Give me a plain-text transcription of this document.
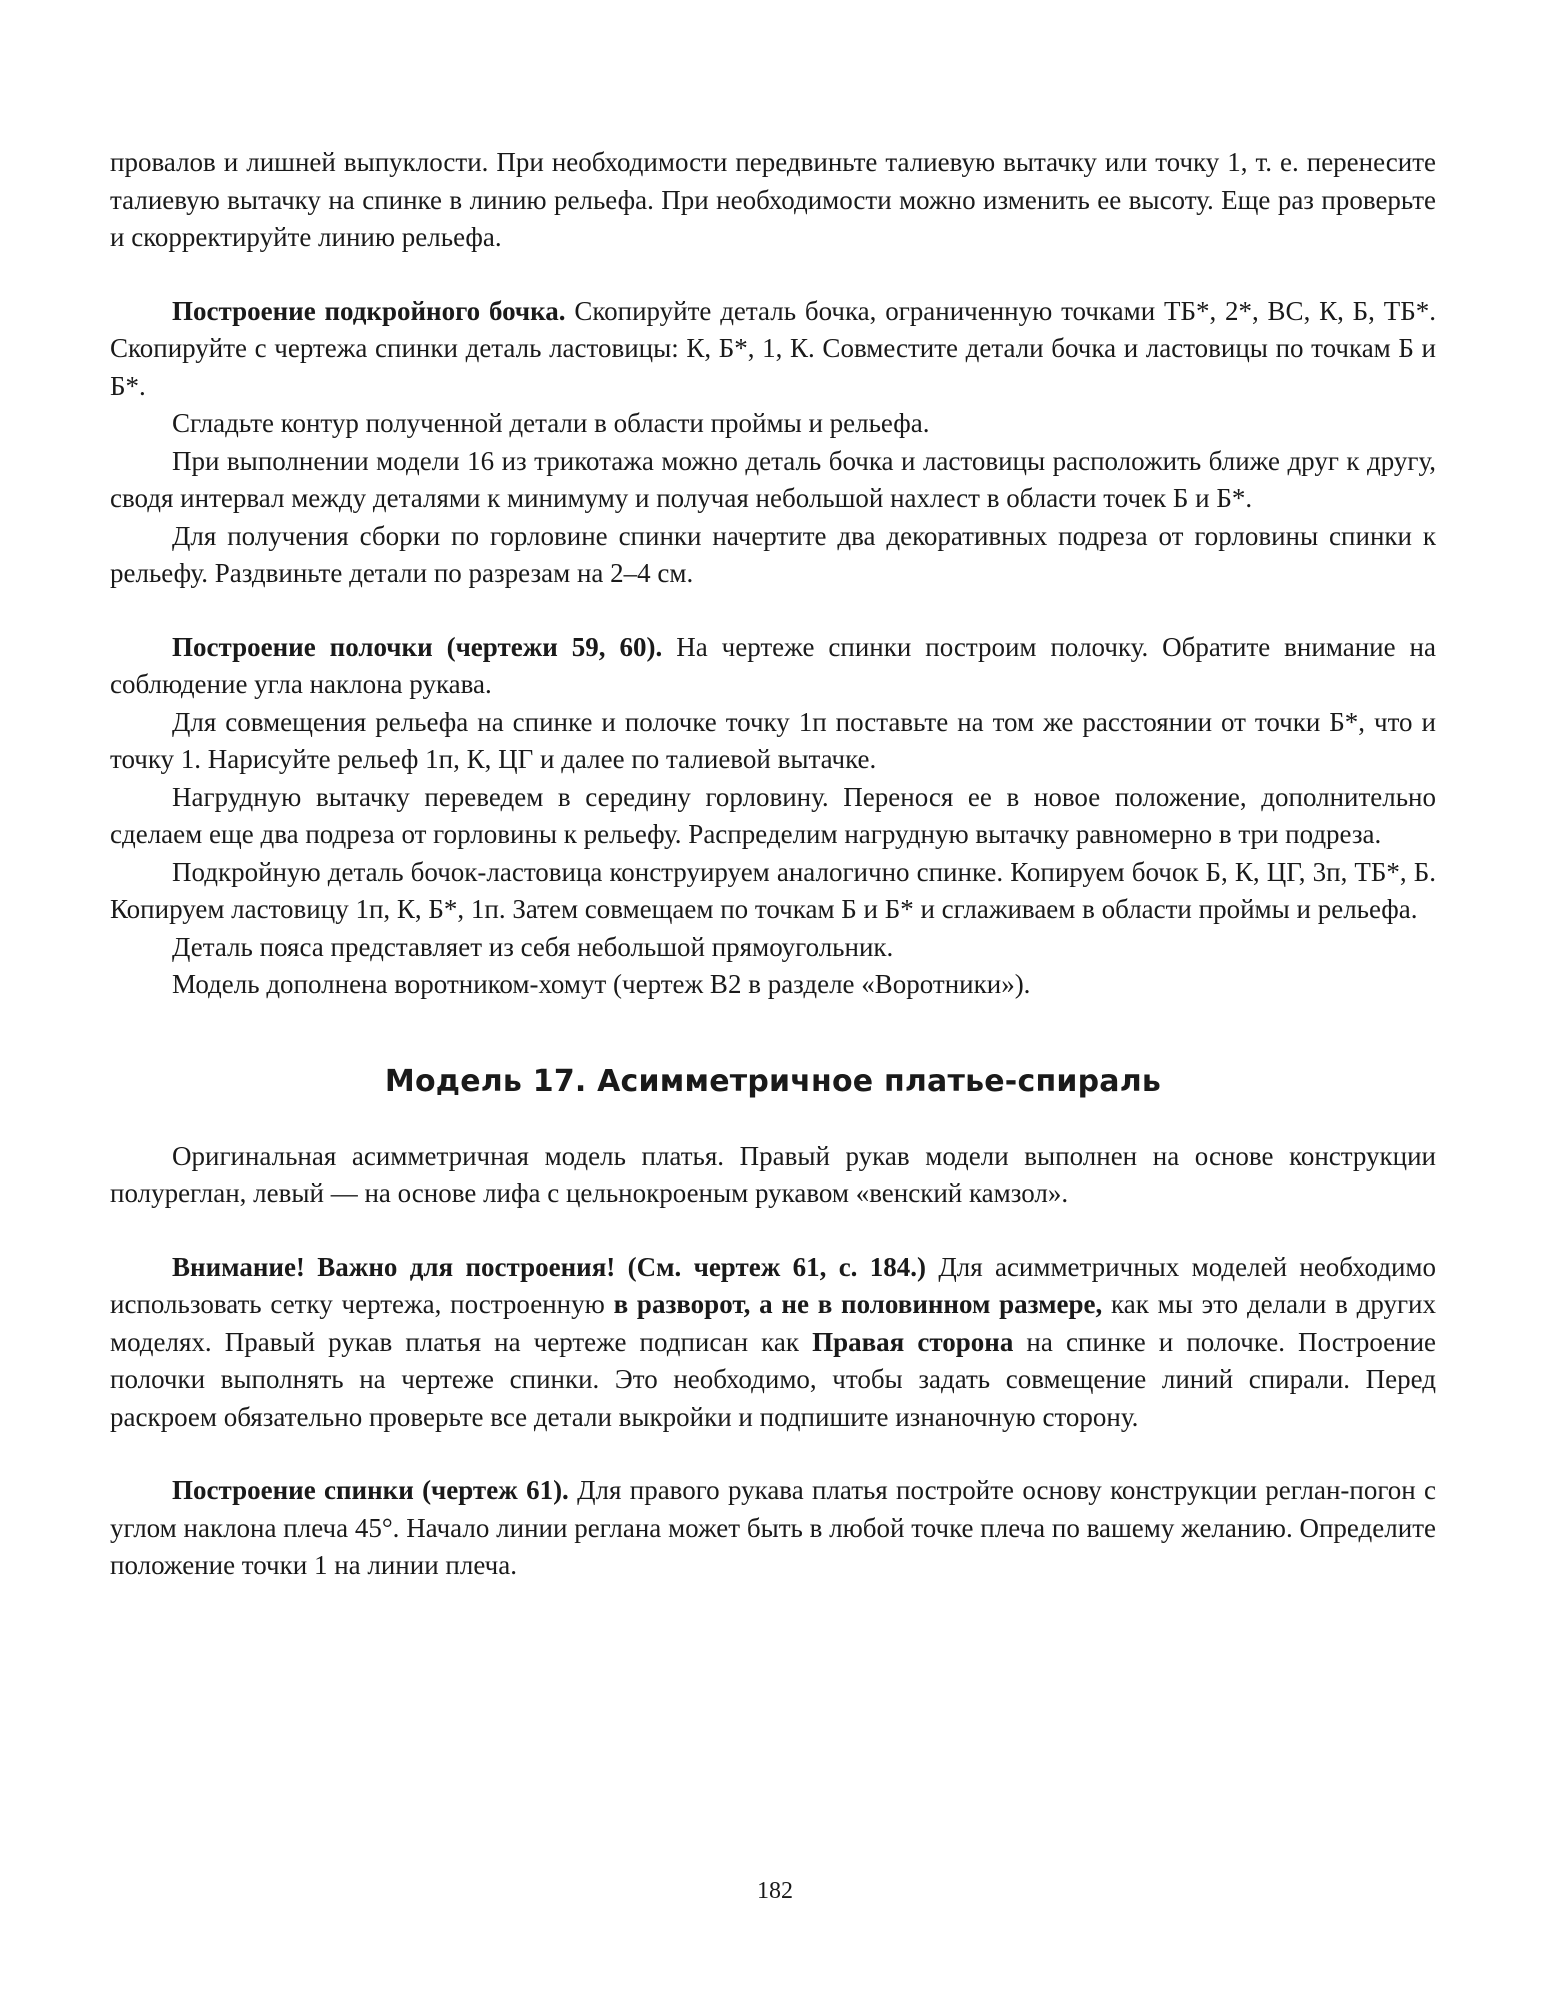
провалов и лишней выпуклости. При необходимости передвиньте талиевую вытачку или точку 1, т. е. перенесите талиевую вытачку на спинке в линию рельефа. При необходимости можно изменить ее высоту. Еще раз проверьте и скорректируйте линию рельефа.

Построение подкройного бочка. Скопируйте деталь бочка, ограниченную точками ТБ*, 2*, ВС, К, Б, ТБ*. Скопируйте с чертежа спинки деталь ластовицы: К, Б*, 1, К. Совместите детали бочка и ластовицы по точкам Б и Б*.

Сгладьте контур полученной детали в области проймы и рельефа.

При выполнении модели 16 из трикотажа можно деталь бочка и ластовицы расположить ближе друг к другу, сводя интервал между деталями к минимуму и получая небольшой нахлест в области точек Б и Б*.

Для получения сборки по горловине спинки начертите два декоративных подреза от горловины спинки к рельефу. Раздвиньте детали по разрезам на 2–4 см.

Построение полочки (чертежи 59, 60). На чертеже спинки построим полочку. Обратите внимание на соблюдение угла наклона рукава.

Для совмещения рельефа на спинке и полочке точку 1п поставьте на том же расстоянии от точки Б*, что и точку 1. Нарисуйте рельеф 1п, К, ЦГ и далее по талиевой вытачке.

Нагрудную вытачку переведем в середину горловину. Перенося ее в новое положение, дополнительно сделаем еще два подреза от горловины к рельефу. Распределим нагрудную вытачку равномерно в три подреза.

Подкройную деталь бочок-ластовица конструируем аналогично спинке. Копируем бочок Б, К, ЦГ, 3п, ТБ*, Б. Копируем ластовицу 1п, К, Б*, 1п. Затем совмещаем по точкам Б и Б* и сглаживаем в области проймы и рельефа.

Деталь пояса представляет из себя небольшой прямоугольник.

Модель дополнена воротником-хомут (чертеж В2 в разделе «Воротники»).

Модель 17. Асимметричное платье-спираль

Оригинальная асимметричная модель платья. Правый рукав модели выполнен на основе конструкции полуреглан, левый — на основе лифа с цельнокроеным рукавом «венский камзол».

Внимание! Важно для построения! (См. чертеж 61, с. 184.) Для асимметричных моделей необходимо использовать сетку чертежа, построенную в разворот, а не в половинном размере, как мы это делали в других моделях. Правый рукав платья на чертеже подписан как Правая сторона на спинке и полочке. Построение полочки выполнять на чертеже спинки. Это необходимо, чтобы задать совмещение линий спирали. Перед раскроем обязательно проверьте все детали выкройки и подпишите изнаночную сторону.

Построение спинки (чертеж 61). Для правого рукава платья постройте основу конструкции реглан-погон с углом наклона плеча 45°. Начало линии реглана может быть в любой точке плеча по вашему желанию. Определите положение точки 1 на линии плеча.

182
